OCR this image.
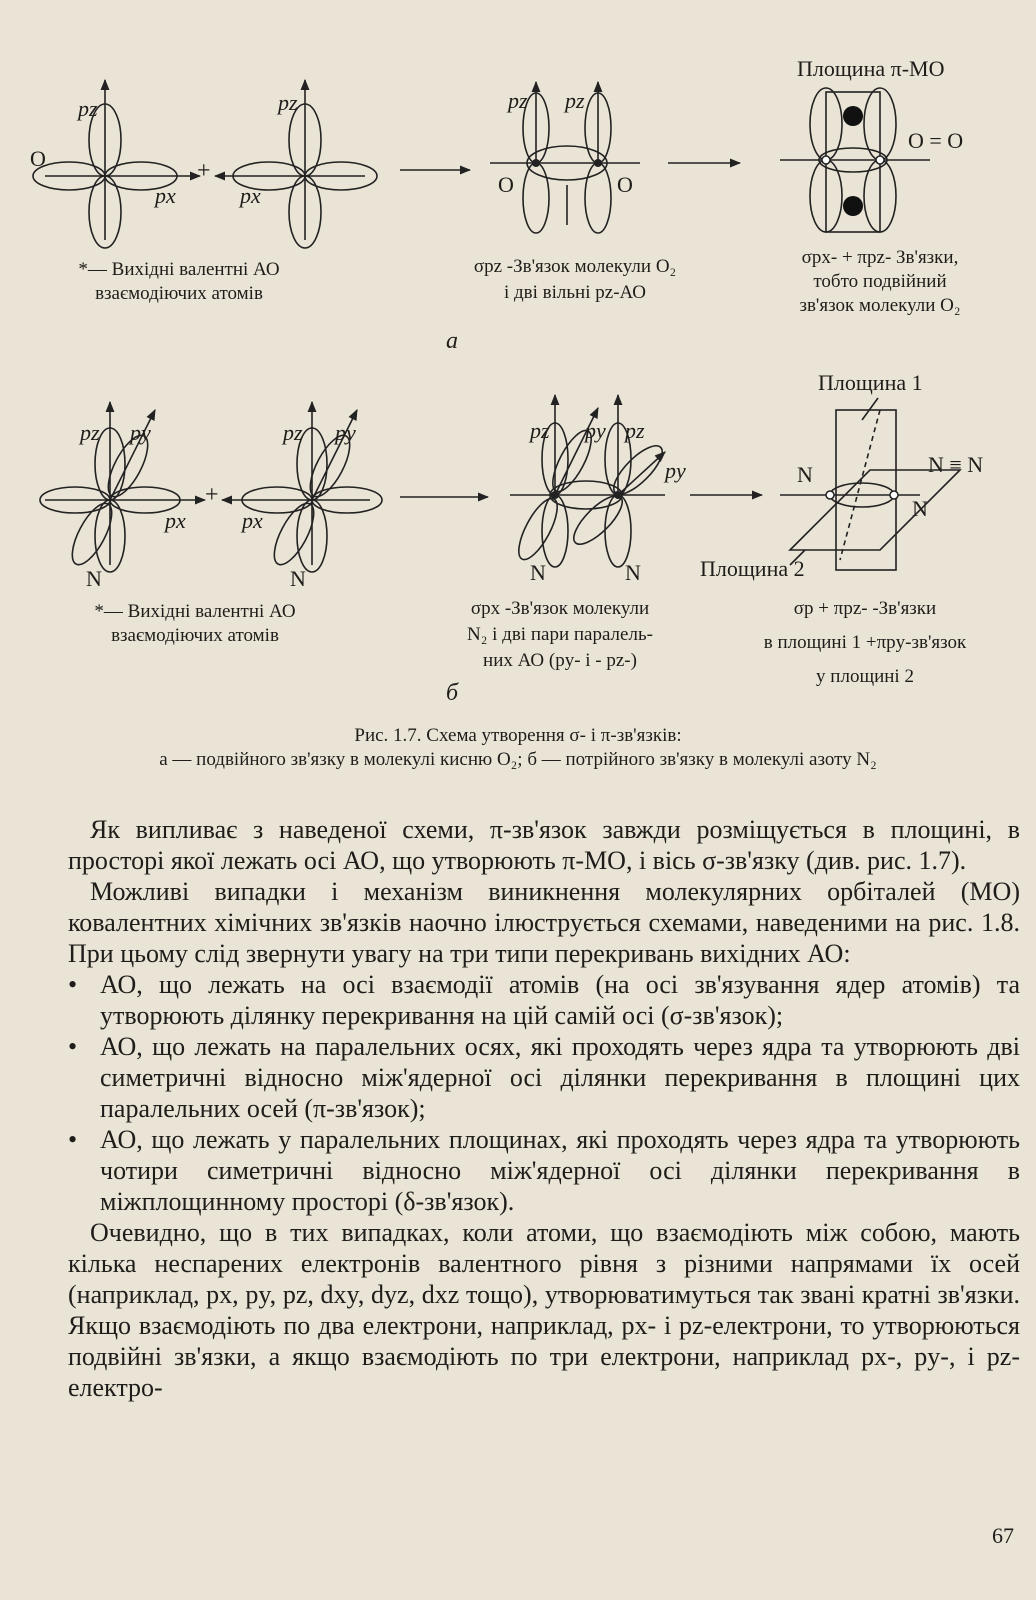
O
pz
px
+
px
pz	pz pz
O	O
Площина π-МО
O = O
*— Вихідні валентні АО
взаємодіючих атомів
σpz -Зв'язок молекули O₂
і дві вільні pz-АО
σpx- + πpz- Зв'язки,
тобто подвійний
зв'язок молекули O₂
a
pz py
px
+
px
pz py
N	N
pz py pz
py
N	N
Площина 1
N	N ≡ N
N
Площина 2
*— Вихідні валентні АО
взаємодіючих атомів
σpx -Зв'язок молекули
N₂ і дві пари паралель-
них АО (py- і - pz-)
σp + πpz- -Зв'язки
в площині 1 +πpy-зв'язок
у площині 2
б
Рис. 1.7. Схема утворення σ- і π-зв'язків:
а — подвійного зв'язку в молекулі кисню O₂; б — потрійного зв'язку в молекулі азоту N₂

Як випливає з наведеної схеми, π-зв'язок завжди розміщується в площині, в просторі якої лежать осі АО, що утворюють π-МО, і вісь σ-зв'язку (див. рис. 1.7).

Можливі випадки і механізм виникнення молекулярних орбіталей (МО) ковалентних хімічних зв'язків наочно ілюструється схемами, наведеними на рис. 1.8. При цьому слід звернути увагу на три типи перекривань вихідних АО:

• АО, що лежать на осі взаємодії атомів (на осі зв'язування ядер атомів) та утворюють ділянку перекривання на цій самій осі (σ-зв'язок);
• АО, що лежать на паралельних осях, які проходять через ядра та утворюють дві симетричні відносно між'ядерної осі ділянки перекривання в площині цих паралельних осей (π-зв'язок);
• АО, що лежать у паралельних площинах, які проходять через ядра та утворюють чотири симетричні відносно між'ядерної осі ділянки перекривання в міжплощинному просторі (δ-зв'язок).

Очевидно, що в тих випадках, коли атоми, що взаємодіють між собою, мають кілька неспарених електронів валентного рівня з різними напрямами їх осей (наприклад, px, py, pz, dxy, dyz, dxz тощо), утворюватимуться так звані кратні зв'язки. Якщо взаємодіють по два електрони, наприклад, px- і pz-електрони, то утворюються подвійні зв'язки, а якщо взаємодіють по три електрони, наприклад px-, py-, і pz-електро-

67
